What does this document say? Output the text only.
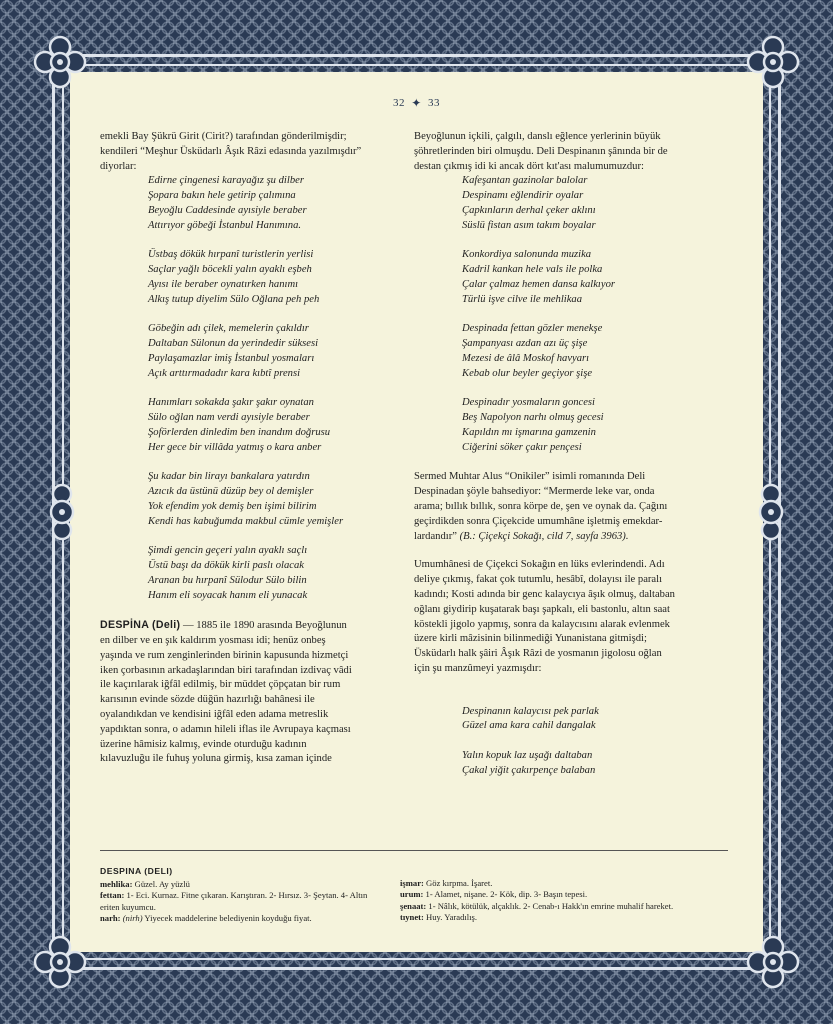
32 ✦ 33
emekli Bay Şükrü Girit (Cirit?) tarafından gönderilmişdir;
kendileri “Meşhur Üsküdarlı Âşık Râzi edasında yazılmışdır”
diyorlar:
Edirne çingenesi karayağız şu dilber
Şopara bakın hele getirip çalımına
Beyoğlu Caddesinde ayısiyle beraber
Attırıyor göbeği İstanbul Hanımına.
Üstbaş dökük hırpanî turistlerin yerlisi
Saçlar yağlı böcekli yalın ayaklı eşbeh
Ayısı ile beraber oynatırken hanımı
Alkış tutup diyelim Sülo Oğlana peh peh
Göbeğin adı çilek, memelerin çakıldır
Daltaban Sülonun da yerindedir süksesi
Paylaşamazlar imiş İstanbul yosmaları
Açık arttırmadadır kara kıbtî prensi
Hanımları sokakda şakır şakır oynatan
Sülo oğlan nam verdi ayısiyle beraber
Şoförlerden dinledim ben inandım doğrusu
Her gece bir villâda yatmış o kara anber
Şu kadar bin lirayı bankalara yatırdın
Azıcık da üstünü düzüp bey ol demişler
Yok efendim yok demiş ben işimi bilirim
Kendi has kabuğumda makbul cümle yemişler
Şimdi gencin geçeri yalın ayaklı saçlı
Üstü başı da dökük kirli paslı olacak
Aranan bu hırpanî Sülodur Sülo bilin
Hanım eli soyacak hanım eli yunacak
DESPİNA (Deli) — 1885 ile 1890 arasında Beyoğlunun
en dilber ve en şık kaldırım yosması idi; henüz onbeş
yaşında ve rum zenginlerinden birinin kapusunda hizmetçi
iken çorbasının arkadaşlarından biri tarafından izdivaç vâdi
ile kaçırılarak iğfâl edilmiş, bir müddet çöpçatan bir rum
karısının evinde sözde düğün hazırlığı bahânesi ile
oyalandıkdan ve kendisini iğfâl eden adama metreslik
yapdıktan sonra, o adamın hileli iflas ile Avrupaya kaçması
üzerine hâmisiz kalmış, evinde oturduğu kadının
kılavuzluğu ile fuhuş yoluna girmiş, kısa zaman içinde
Beyoğlunun içkili, çalgılı, danslı eğlence yerlerinin büyük
şöhretlerinden biri olmuşdu. Deli Despinanın şânında bir de
destan çıkmış idi ki ancak dört kıt'ası malumumuzdur:
Kafeşantan gazinolar balolar
Despinamı eğlendirir oyalar
Çapkınların derhal çeker aklını
Süslü fistan asım takım boyalar
Konkordiya salonunda muzika
Kadril kankan hele vals ile polka
Çalar çalmaz hemen dansa kalkıyor
Türlü işve cilve ile mehlikaa
Despinada fettan gözler menekşe
Şampanyası azdan azı üç şişe
Mezesi de âlâ Moskof havyarı
Kebab olur beyler geçiyor şişe
Despinadır yosmaların goncesi
Beş Napolyon narhı olmuş gecesi
Kapıldın mı işmarına gamzenin
Ciğerini söker çakır pençesi
Sermed Muhtar Alus “Onikiler” isimli romanında Deli
Despinadan şöyle bahsediyor: “Mermerde leke var, onda
arama; bıllık bıllık, sonra körpe de, şen ve oynak da. Çağını
geçirdikden sonra Çiçekcide umumhâne işletmiş emekdar-
lardandır” (B.: Çiçekçi Sokağı, cild 7, sayfa 3963).
Umumhânesi de Çiçekci Sokağın en lüks evlerindendi. Adı
deliye çıkmış, fakat çok tutumlu, hesâbî, dolayısı ile paralı
kadındı; Kosti adında bir genc kalaycıya âşık olmuş, daltaban
oğlanı giydirip kuşatarak başı şapkalı, eli bastonlu, altın saat
köstekli jigolo yapmış, sonra da kalaycısını alarak evlenmek
üzere kirli mâzisinin bilinmediği Yunanistana gitmişdi;
Üsküdarlı halk şâiri Âşık Râzi de yosmanın jigolosu oğlan
için şu manzûmeyi yazmışdır:
Despinanın kalaycısı pek parlak
Güzel ama kara cahil dangalak
Yalın kopuk laz uşağı daltaban
Çakal yiğit çakırpençe balaban
DESPINA (DELI)
mehlika: Güzel. Ay yüzlü
fettan: 1- Eci. Kurnaz. Fitne çıkaran. Karıştıran. 2- Hırsız. 3- Şeytan. 4- Altın eriten kuyumcu.
narh: (nirh) Yiyecek maddelerine belediyenin koyduğu fiyat.
işmar: Göz kırpma. İşaret.
urum: 1- Alamet, nişane. 2- Kök, dip. 3- Başın tepesi.
şenaat: 1- Nâlık, kötülük, alçaklık. 2- Cenab-ı Hakk'ın emrine muhalif hareket.
tıynet: Huy. Yaradılış.
